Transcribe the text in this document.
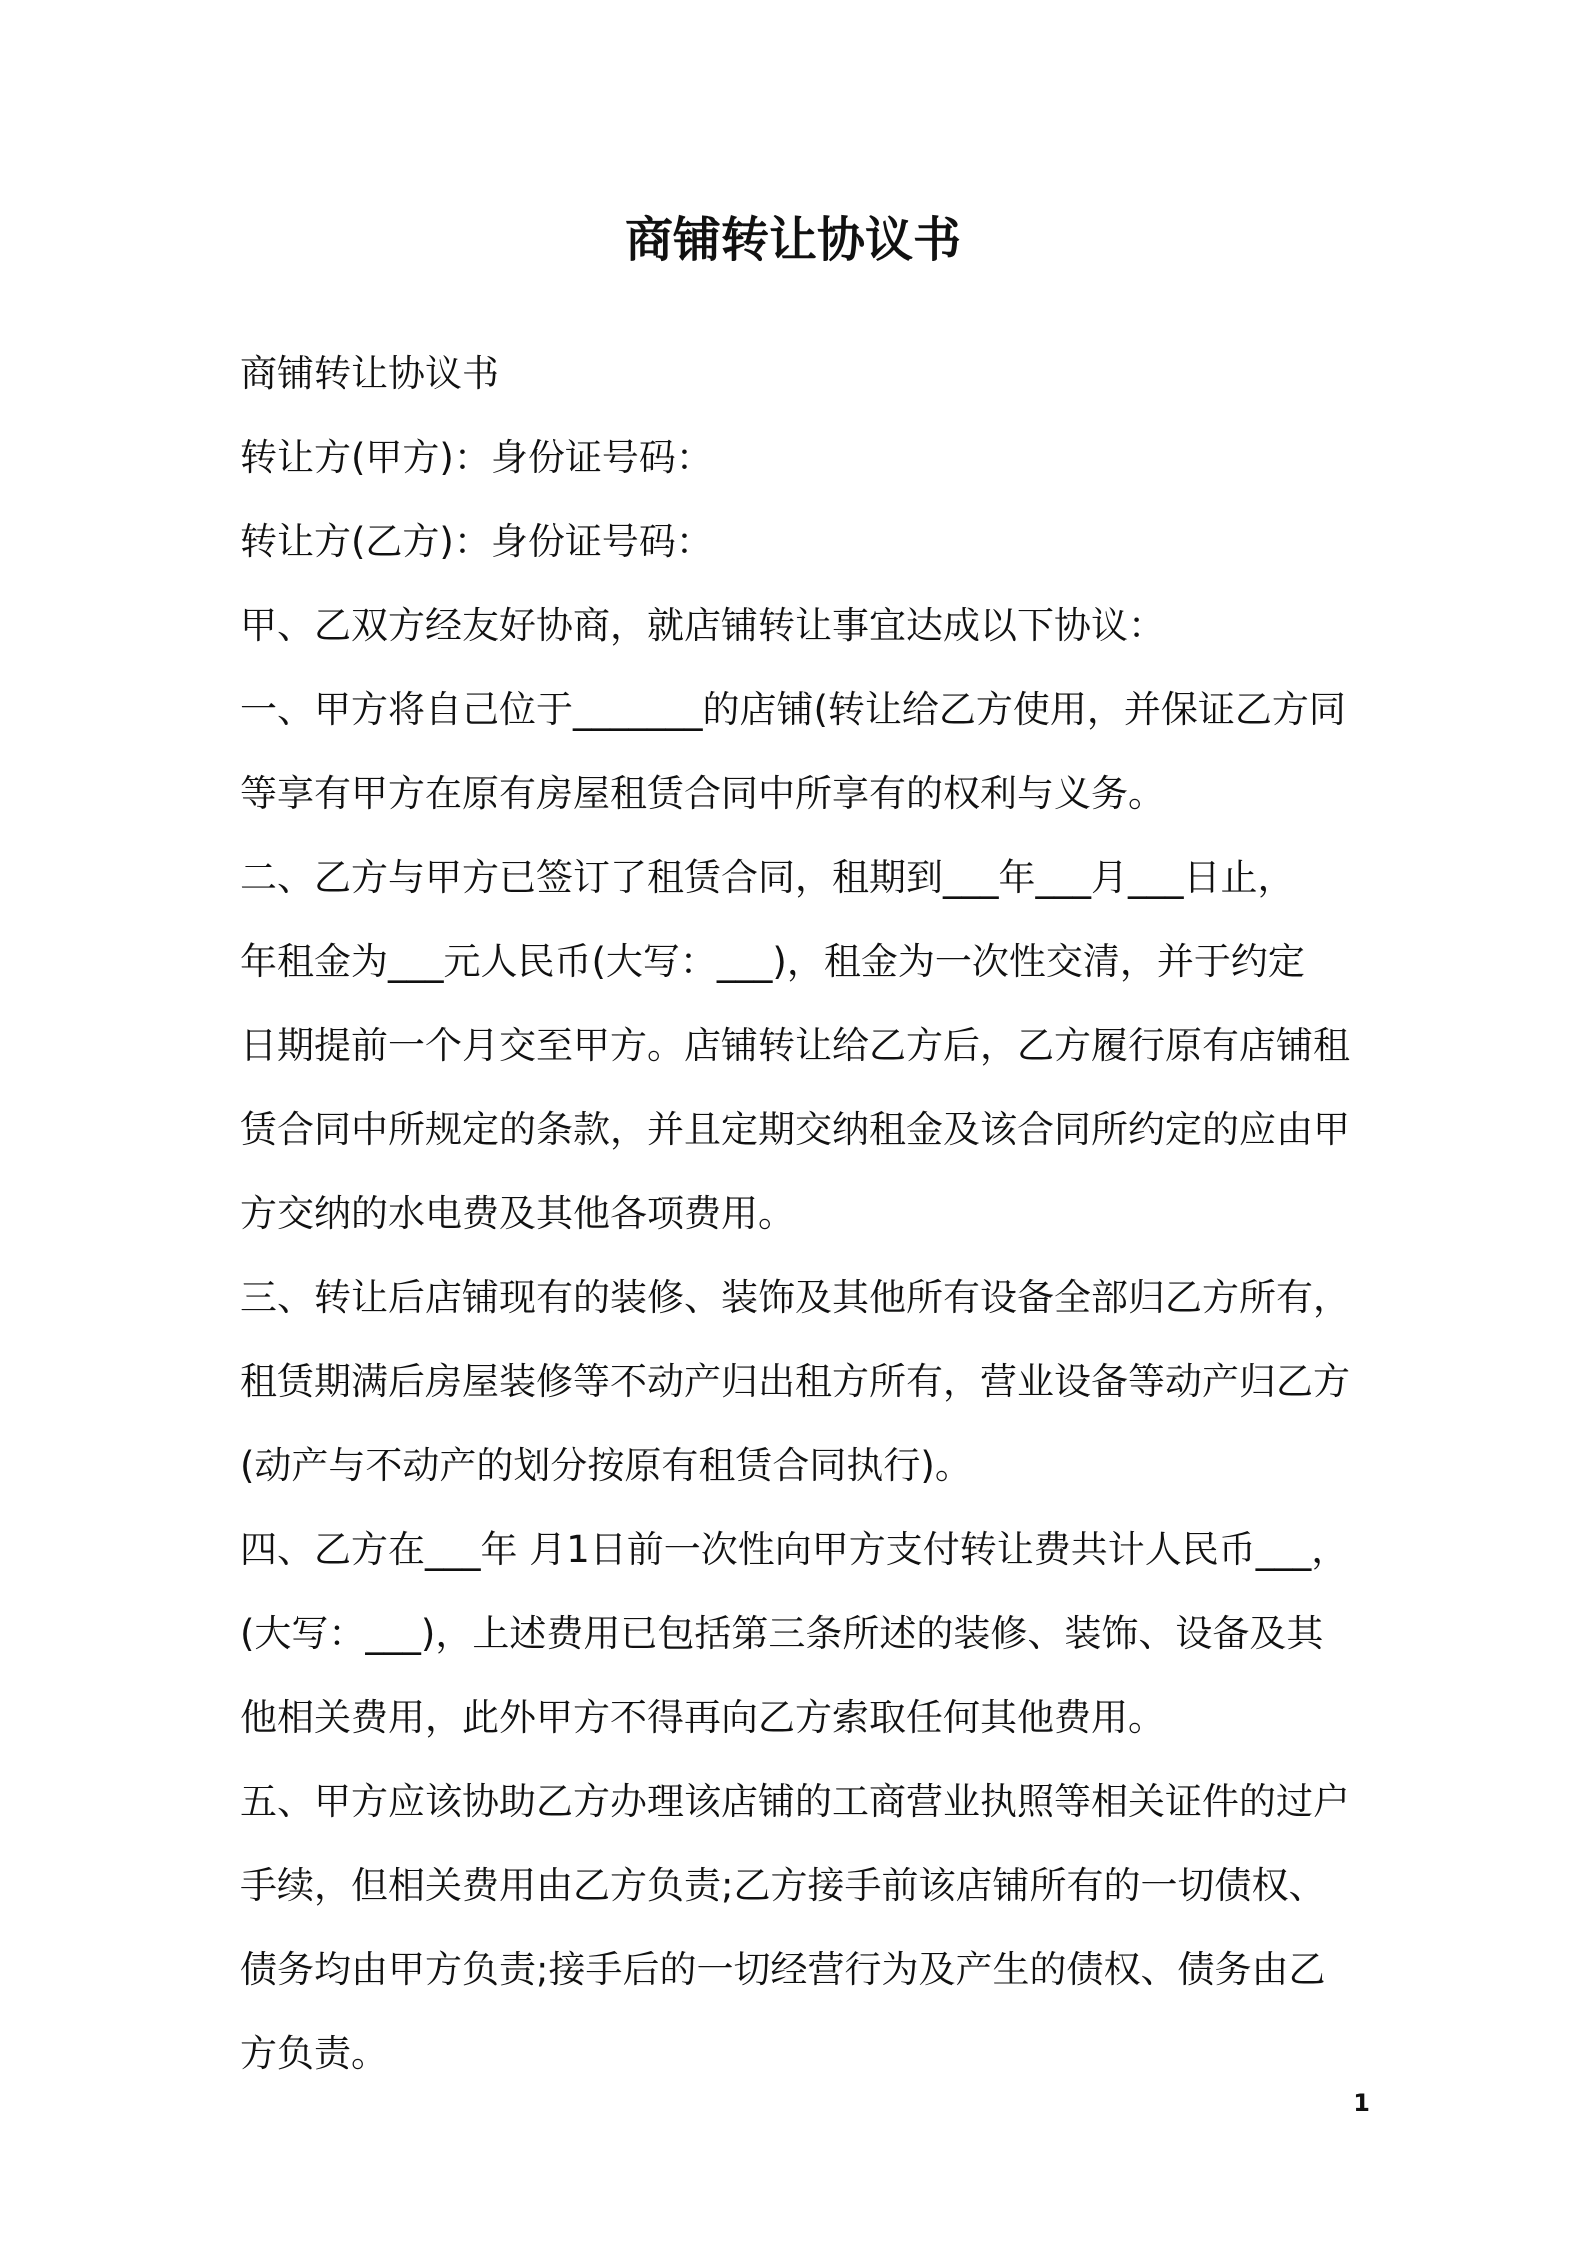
商铺转让协议书
商铺转让协议书
转让方(甲方)：身份证号码：
转让方(乙方)：身份证号码：
甲、乙双方经友好协商，就店铺转让事宜达成以下协议：
一、甲方将自己位于_______的店铺(转让给乙方使用，并保证乙方同
等享有甲方在原有房屋租赁合同中所享有的权利与义务。
二、乙方与甲方已签订了租赁合同，租期到___年___月___日止，
年租金为___元人民币(大写：___)，租金为一次性交清，并于约定
日期提前一个月交至甲方。店铺转让给乙方后，乙方履行原有店铺租
赁合同中所规定的条款，并且定期交纳租金及该合同所约定的应由甲
方交纳的水电费及其他各项费用。
三、转让后店铺现有的装修、装饰及其他所有设备全部归乙方所有，
租赁期满后房屋装修等不动产归出租方所有，营业设备等动产归乙方
(动产与不动产的划分按原有租赁合同执行)。
四、乙方在___年 月1日前一次性向甲方支付转让费共计人民币___，
(大写：___)，上述费用已包括第三条所述的装修、装饰、设备及其
他相关费用，此外甲方不得再向乙方索取任何其他费用。
五、甲方应该协助乙方办理该店铺的工商营业执照等相关证件的过户
手续，但相关费用由乙方负责;乙方接手前该店铺所有的一切债权、
债务均由甲方负责;接手后的一切经营行为及产生的债权、债务由乙
方负责。
1
